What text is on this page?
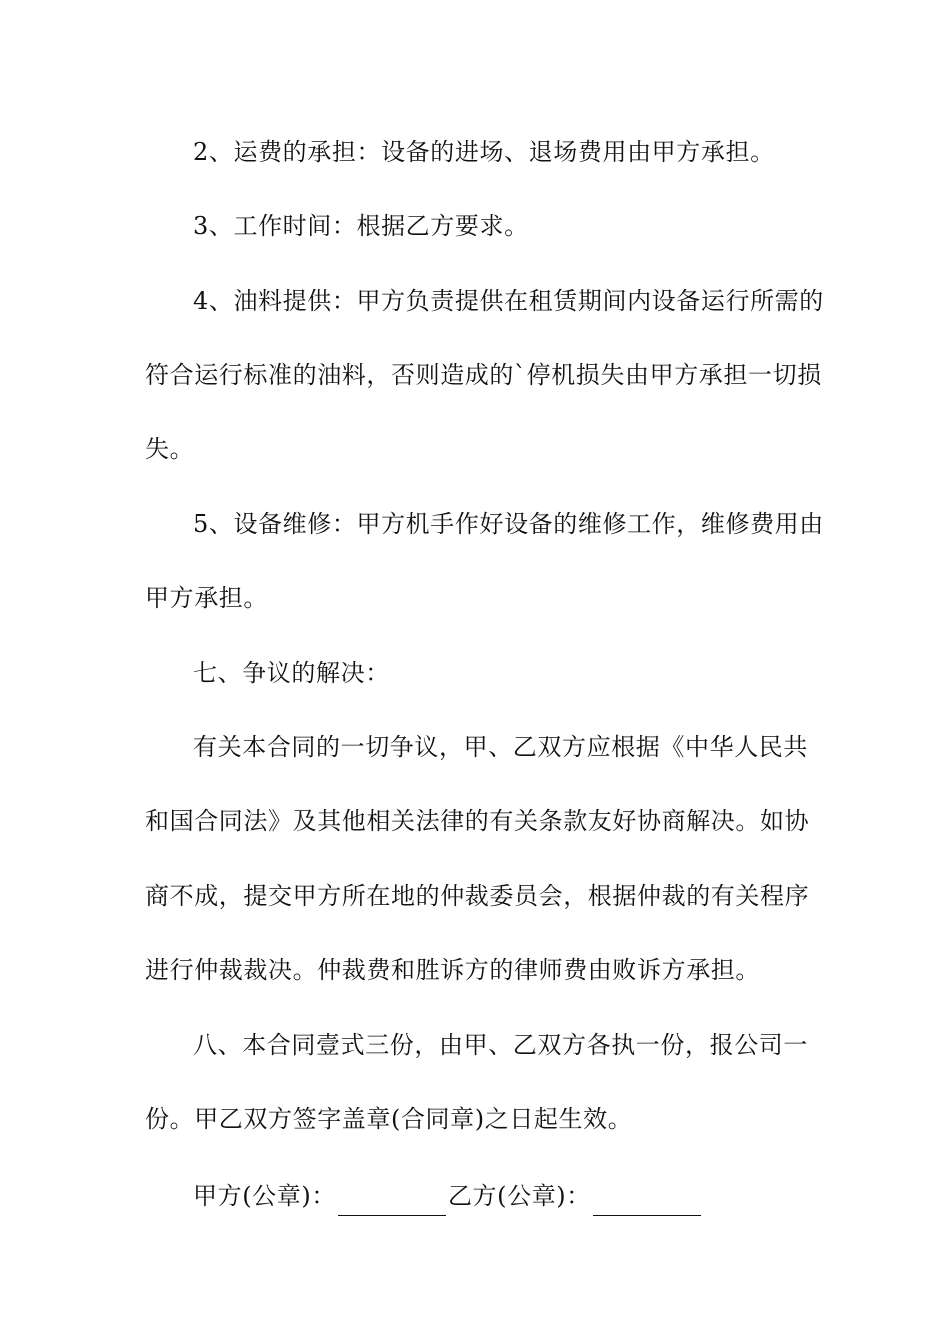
2、运费的承担：设备的进场、退场费用由甲方承担。
3、工作时间：根据乙方要求。
4、油料提供：甲方负责提供在租赁期间内设备运行所需的
符合运行标准的油料，否则造成的`停机损失由甲方承担一切损
失。
5、设备维修：甲方机手作好设备的维修工作，维修费用由
甲方承担。
七、争议的解决：
有关本合同的一切争议，甲、乙双方应根据《中华人民共
和国合同法》及其他相关法律的有关条款友好协商解决。如协
商不成，提交甲方所在地的仲裁委员会，根据仲裁的有关程序
进行仲裁裁决。仲裁费和胜诉方的律师费由败诉方承担。
八、本合同壹式三份，由甲、乙双方各执一份，报公司一
份。甲乙双方签字盖章(合同章)之日起生效。
甲方(公章)：	乙方(公章)：
